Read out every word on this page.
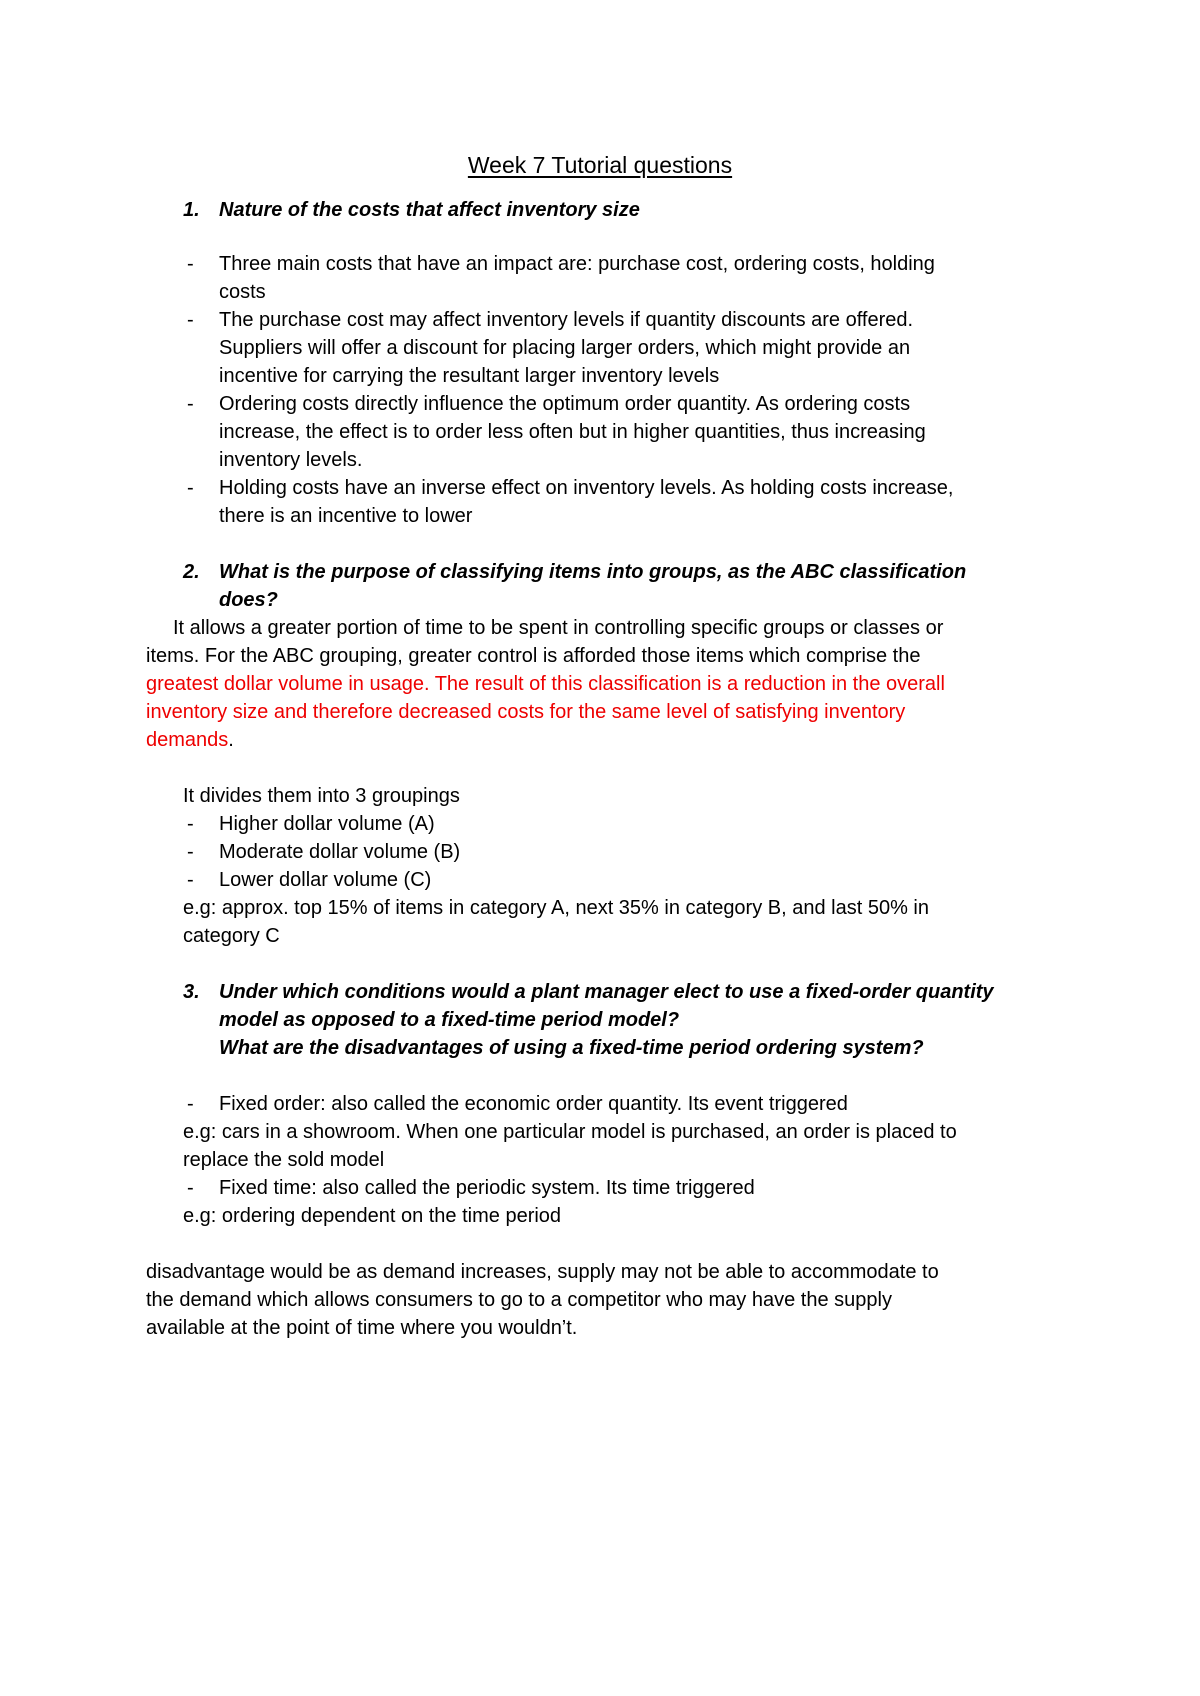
Week 7 Tutorial questions
1. Nature of the costs that affect inventory size
- Three main costs that have an impact are: purchase cost, ordering costs, holding
costs
- The purchase cost may affect inventory levels if quantity discounts are offered.
Suppliers will offer a discount for placing larger orders, which might provide an
incentive for carrying the resultant larger inventory levels
- Ordering costs directly influence the optimum order quantity. As ordering costs
increase, the effect is to order less often but in higher quantities, thus increasing
inventory levels.
- Holding costs have an inverse effect on inventory levels. As holding costs increase,
there is an incentive to lower
2. What is the purpose of classifying items into groups, as the ABC classification
does?
It allows a greater portion of time to be spent in controlling specific groups or classes or
items. For the ABC grouping, greater control is afforded those items which comprise the
greatest dollar volume in usage. The result of this classification is a reduction in the overall
inventory size and therefore decreased costs for the same level of satisfying inventory
demands.
It divides them into 3 groupings
- Higher dollar volume (A)
- Moderate dollar volume (B)
- Lower dollar volume (C)
e.g: approx. top 15% of items in category A, next 35% in category B, and last 50% in
category C
3. Under which conditions would a plant manager elect to use a fixed-order quantity
model as opposed to a fixed-time period model?
What are the disadvantages of using a fixed-time period ordering system?
- Fixed order: also called the economic order quantity. Its event triggered
e.g: cars in a showroom. When one particular model is purchased, an order is placed to
replace the sold model
- Fixed time: also called the periodic system. Its time triggered
e.g: ordering dependent on the time period
disadvantage would be as demand increases, supply may not be able to accommodate to
the demand which allows consumers to go to a competitor who may have the supply
available at the point of time where you wouldn’t.
